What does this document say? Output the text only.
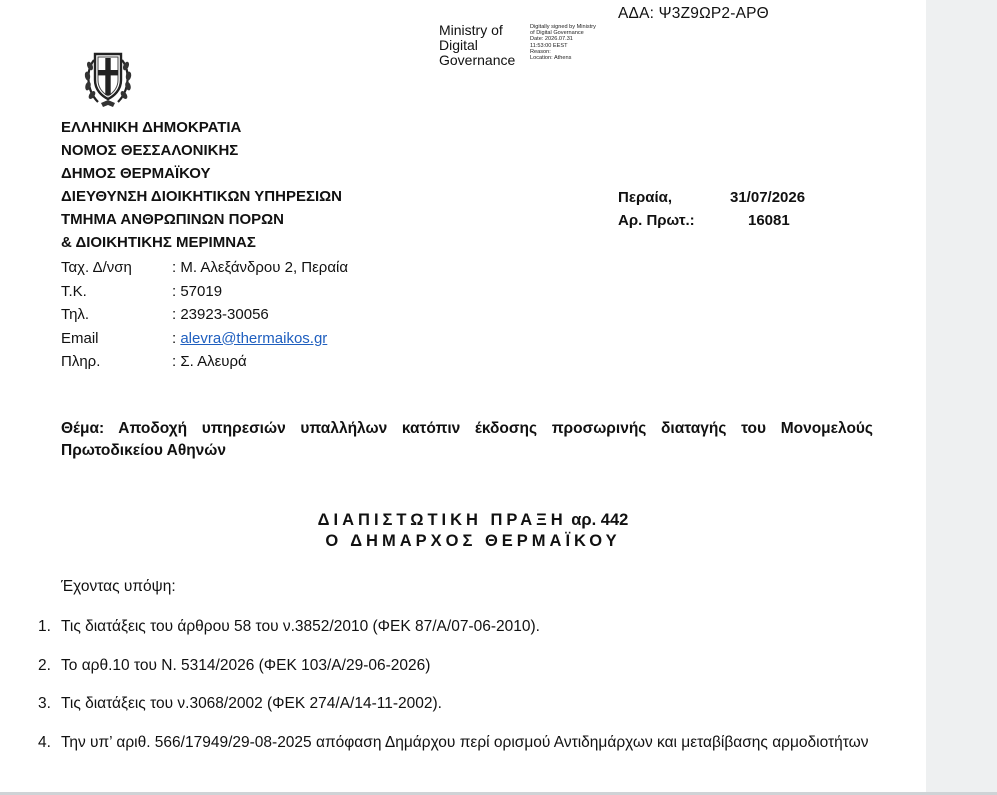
ΑΔΑ: Ψ3Ζ9ΩΡ2-ΑΡΘ
Ministry of
Digital
Governance
Digitally signed by Ministry
of Digital Governance
Date: 2026.07.31
11:53:00 EEST
Reason:
Location: Athens
ΕΛΛΗΝΙΚΗ ΔΗΜΟΚΡΑΤΙΑ
ΝΟΜΟΣ ΘΕΣΣΑΛΟΝΙΚΗΣ
ΔΗΜΟΣ ΘΕΡΜΑΪΚΟΥ
ΔΙΕΥΘΥΝΣΗ ΔΙΟΙΚΗΤΙΚΩΝ ΥΠΗΡΕΣΙΩΝ
ΤΜΗΜΑ ΑΝΘΡΩΠΙΝΩΝ ΠΟΡΩΝ
& ΔΙΟΙΚΗΤΙΚΗΣ ΜΕΡΙΜΝΑΣ
Περαία,	31/07/2026
Αρ. Πρωτ.:	16081
Ταχ. Δ/νση	: Μ. Αλεξάνδρου 2, Περαία
Τ.Κ.	: 57019
Τηλ.	: 23923-30056
Email	: alevra@thermaikos.gr
Πληρ.	: Σ. Αλευρά
Θέμα: Αποδοχή υπηρεσιών υπαλλήλων κατόπιν έκδοσης προσωρινής διαταγής του Μονομελούς Πρωτοδικείου Αθηνών
ΔΙΑΠΙΣΤΩΤΙΚΗ ΠΡΑΞΗ αρ. 442
Ο ΔΗΜΑΡΧΟΣ ΘΕΡΜΑΪΚΟΥ
Έχοντας υπόψη:
1. Τις διατάξεις του άρθρου 58 του ν.3852/2010 (ΦΕΚ 87/Α/07-06-2010).
2. Το αρθ.10 του Ν. 5314/2026 (ΦΕΚ 103/Α/29-06-2026)
3. Τις διατάξεις του ν.3068/2002 (ΦΕΚ 274/Α/14-11-2002).
4. Την υπ’ αριθ. 566/17949/29-08-2025 απόφαση Δημάρχου περί ορισμού Αντιδημάρχων και μεταβίβασης αρμοδιοτήτων
